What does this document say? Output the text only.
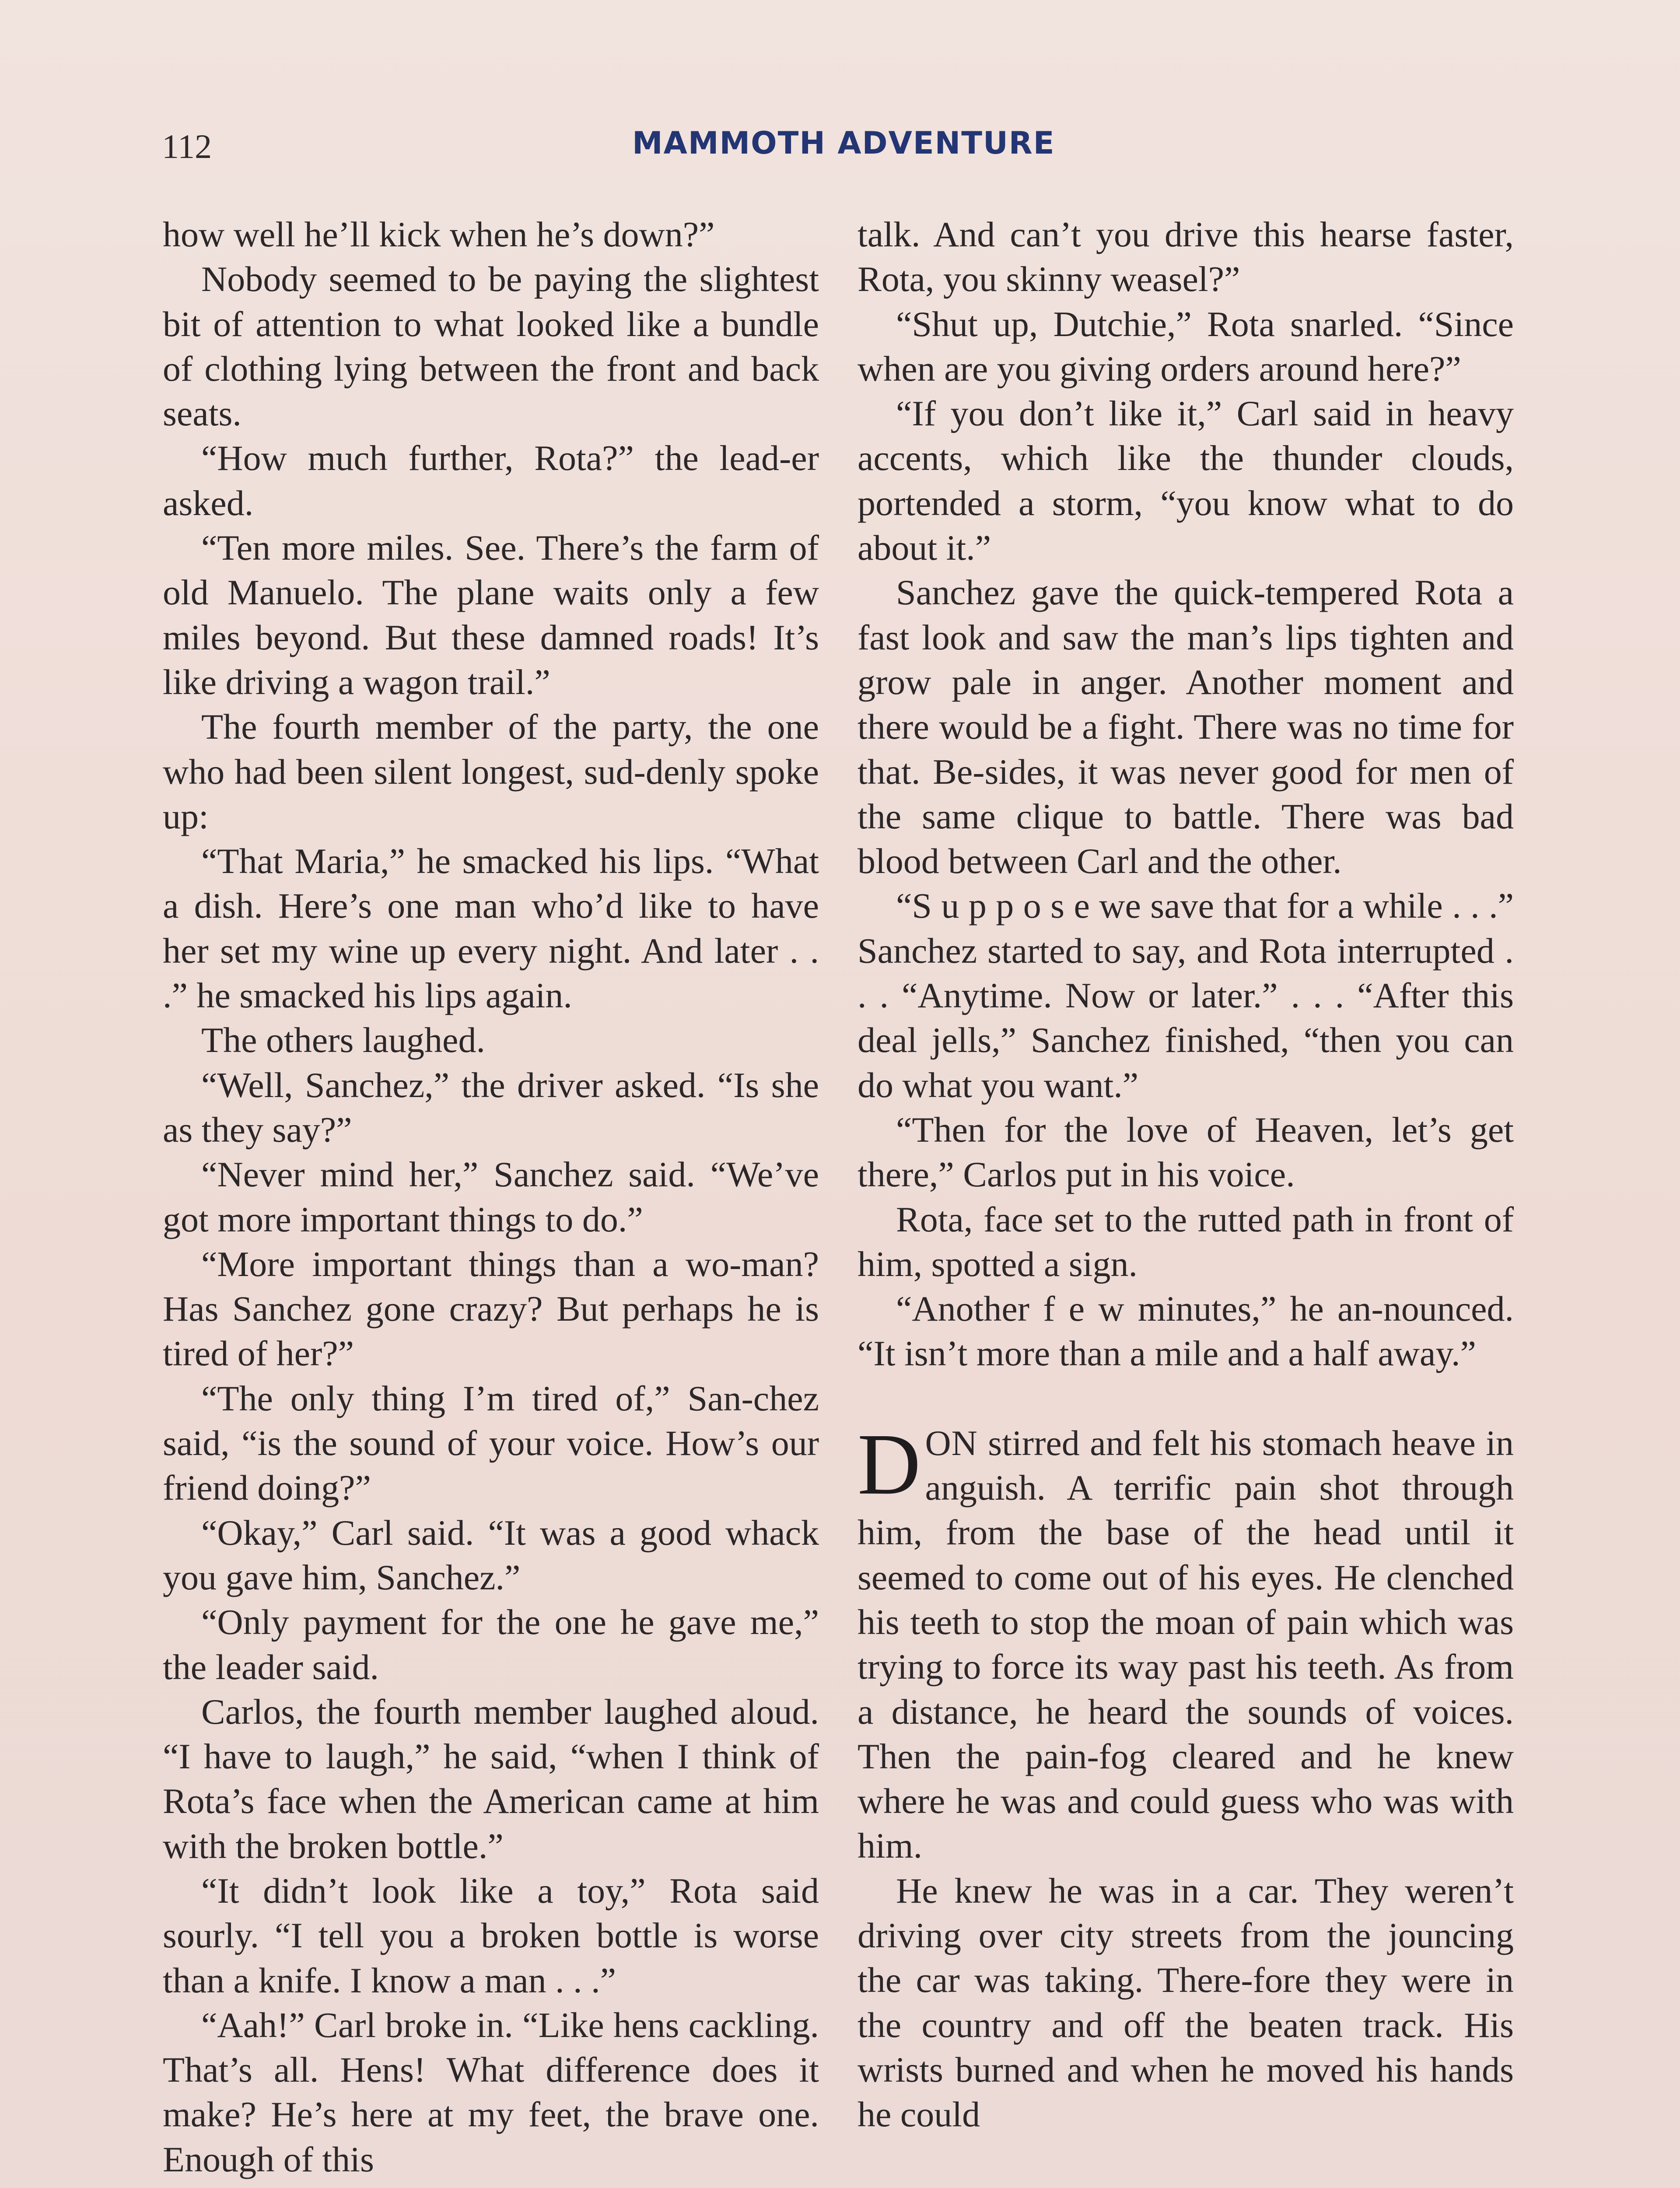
112	MAMMOTH ADVENTURE

how well he’ll kick when he’s down?”

Nobody seemed to be paying the slightest bit of attention to what looked like a bundle of clothing lying between the front and back seats.

“How much further, Rota?” the lead-er asked.

“Ten more miles. See. There’s the farm of old Manuelo. The plane waits only a few miles beyond. But these damned roads! It’s like driving a wagon trail.”

The fourth member of the party, the one who had been silent longest, sud-denly spoke up:

“That Maria,” he smacked his lips. “What a dish. Here’s one man who’d like to have her set my wine up every night. And later . . .” he smacked his lips again.

The others laughed.

“Well, Sanchez,” the driver asked. “Is she as they say?”

“Never mind her,” Sanchez said. “We’ve got more important things to do.”

“More important things than a wo-man? Has Sanchez gone crazy? But perhaps he is tired of her?”

“The only thing I’m tired of,” San-chez said, “is the sound of your voice. How’s our friend doing?”

“Okay,” Carl said. “It was a good whack you gave him, Sanchez.”

“Only payment for the one he gave me,” the leader said.

Carlos, the fourth member laughed aloud. “I have to laugh,” he said, “when I think of Rota’s face when the American came at him with the broken bottle.”

“It didn’t look like a toy,” Rota said sourly. “I tell you a broken bottle is worse than a knife. I know a man . . .”

“Aah!” Carl broke in. “Like hens cackling. That’s all. Hens! What difference does it make? He’s here at my feet, the brave one. Enough of this

talk. And can’t you drive this hearse faster, Rota, you skinny weasel?”

“Shut up, Dutchie,” Rota snarled. “Since when are you giving orders around here?”

“If you don’t like it,” Carl said in heavy accents, which like the thunder clouds, portended a storm, “you know what to do about it.”

Sanchez gave the quick-tempered Rota a fast look and saw the man’s lips tighten and grow pale in anger. Another moment and there would be a fight. There was no time for that. Be-sides, it was never good for men of the same clique to battle. There was bad blood between Carl and the other.

“S u p p o s e we save that for a while . . .” Sanchez started to say, and Rota interrupted . . . “Anytime. Now or later.” . . . “After this deal jells,” Sanchez finished, “then you can do what you want.”

“Then for the love of Heaven, let’s get there,” Carlos put in his voice.

Rota, face set to the rutted path in front of him, spotted a sign.

“Another f e w minutes,” he an-nounced. “It isn’t more than a mile and a half away.”

DON stirred and felt his stomach heave in anguish. A terrific pain shot through him, from the base of the head until it seemed to come out of his eyes. He clenched his teeth to stop the moan of pain which was trying to force its way past his teeth. As from a distance, he heard the sounds of voices. Then the pain-fog cleared and he knew where he was and could guess who was with him.

He knew he was in a car. They weren’t driving over city streets from the jouncing the car was taking. There-fore they were in the country and off the beaten track. His wrists burned and when he moved his hands he could
